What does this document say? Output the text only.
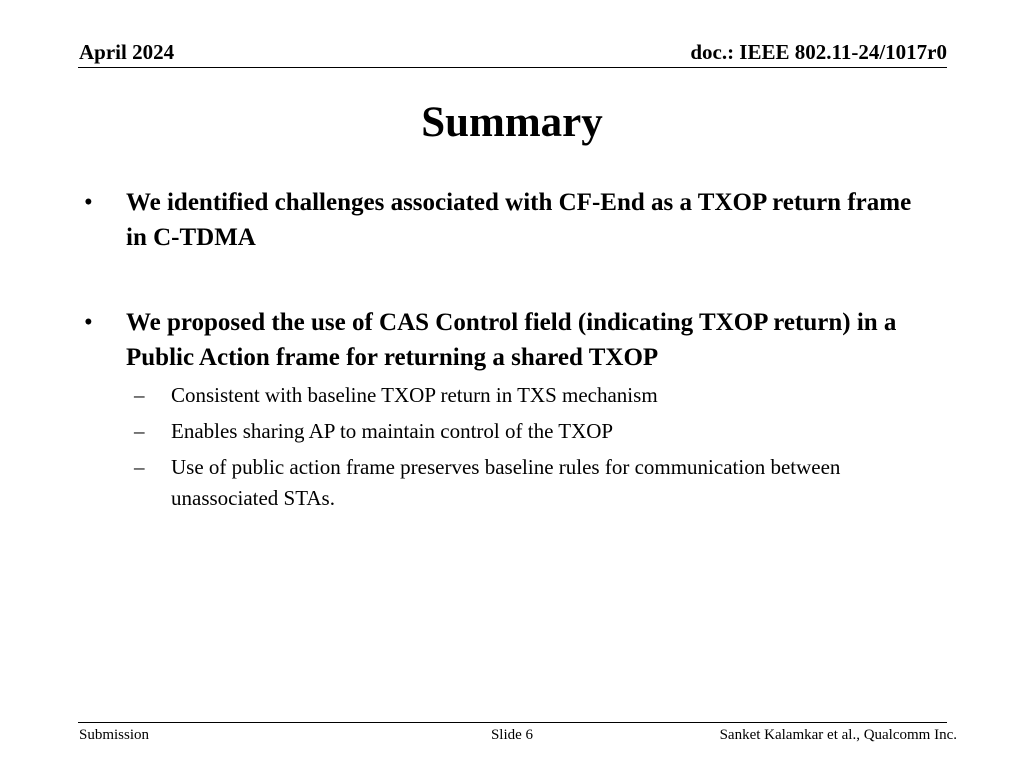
April 2024	doc.: IEEE 802.11-24/1017r0
Summary
• We identified challenges associated with CF-End as a TXOP return frame in C-TDMA
• We proposed the use of CAS Control field (indicating TXOP return) in a Public Action frame for returning a shared TXOP
– Consistent with baseline TXOP return in TXS mechanism
– Enables sharing AP to maintain control of the TXOP
– Use of public action frame preserves baseline rules for communication between unassociated STAs.
Submission	Slide 6	Sanket Kalamkar et al., Qualcomm Inc.
